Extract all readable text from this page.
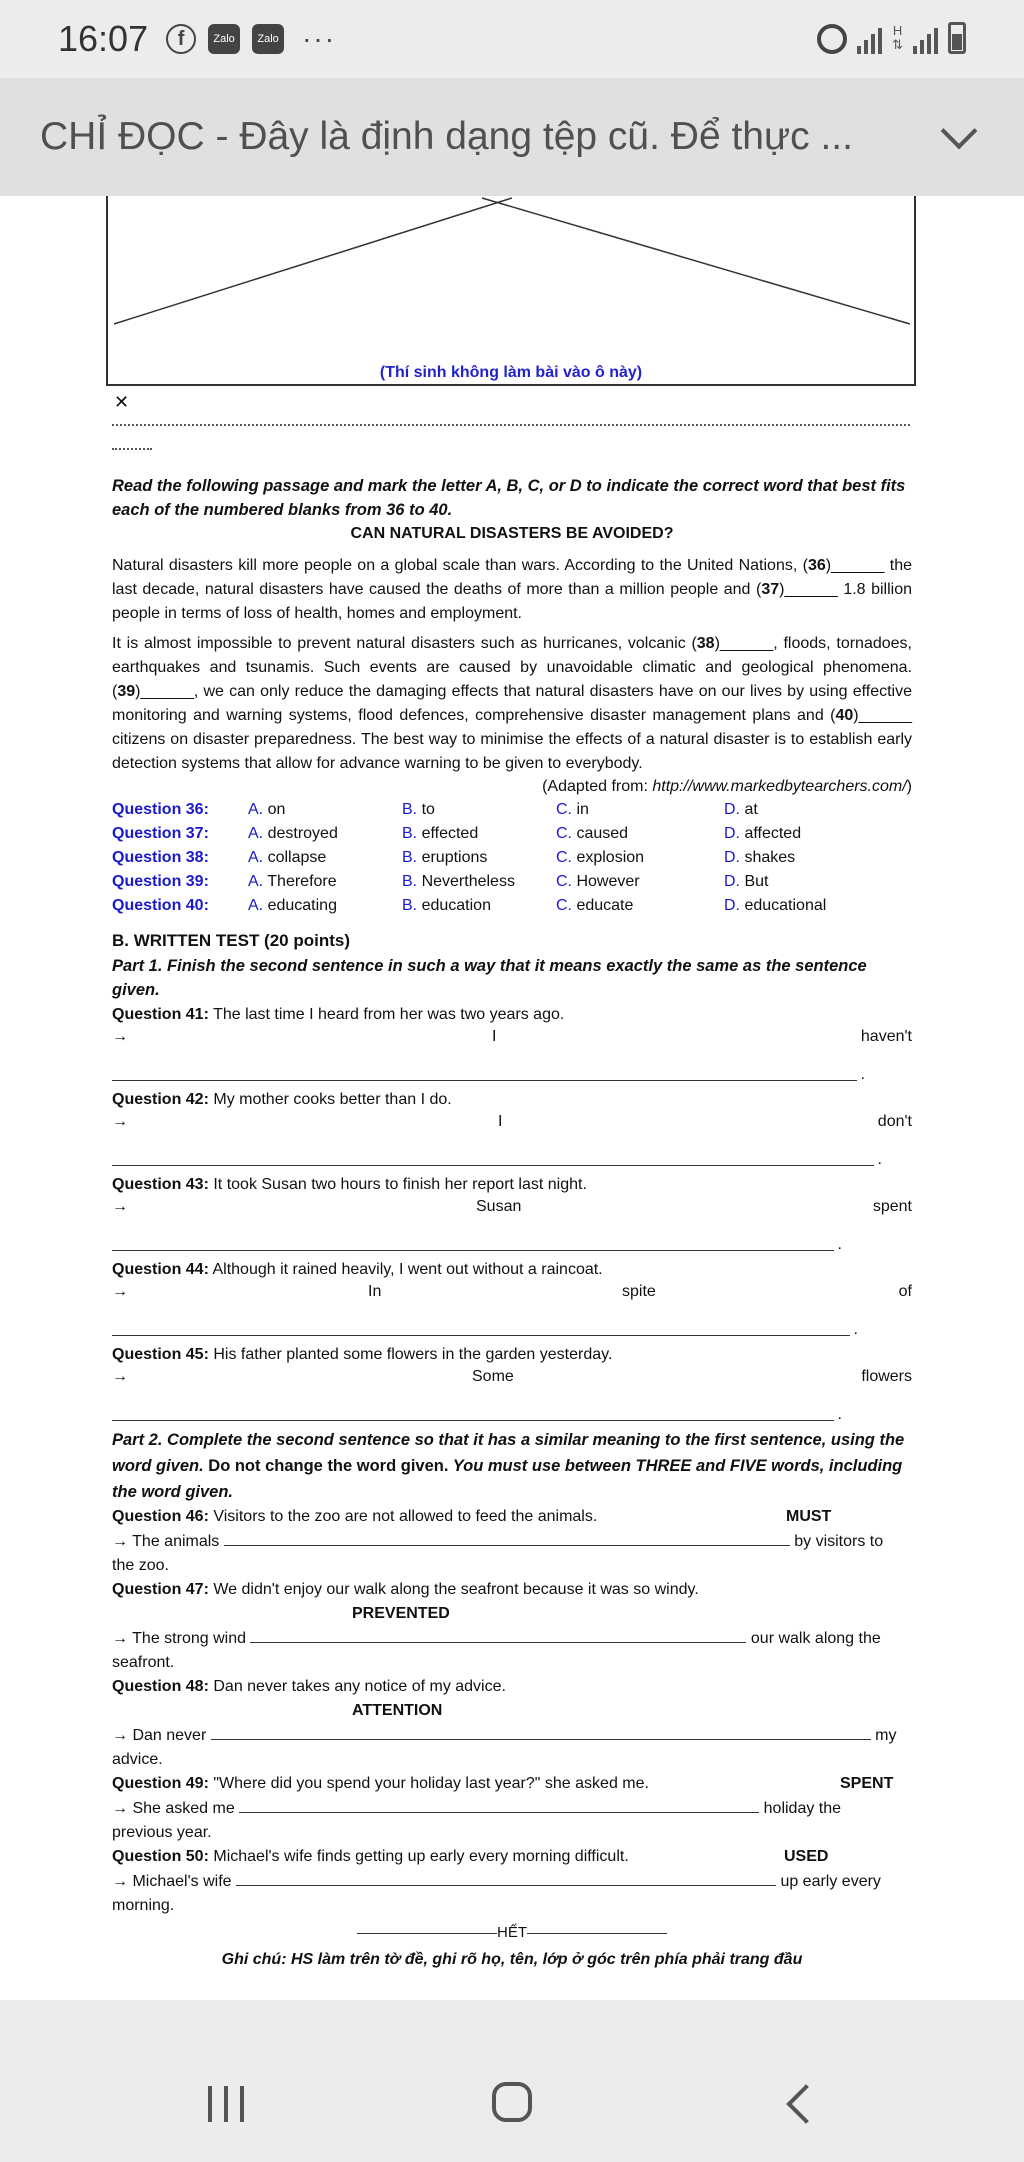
16:07	f	Zalo	Zalo ···	H
⇅
CHỈ ĐỌC - Đây là định dạng tệp cũ. Để thực ...
(Thí sinh không làm bài vào ô này)
✕
Read the following passage and mark the letter A, B, C, or D to indicate the correct word that best fits each of the numbered blanks from 36 to 40.
CAN NATURAL DISASTERS BE AVOIDED?

Natural disasters kill more people on a global scale than wars. According to the United Nations, (36)______ the last decade, natural disasters have caused the deaths of more than a million people and (37)______ 1.8 billion people in terms of loss of health, homes and employment.

It is almost impossible to prevent natural disasters such as hurricanes, volcanic (38)______, floods, tornadoes, earthquakes and tsunamis. Such events are caused by unavoidable climatic and geological phenomena. (39)______, we can only reduce the damaging effects that natural disasters have on our lives by using effective monitoring and warning systems, flood defences, comprehensive disaster management plans and (40)______ citizens on disaster preparedness. The best way to minimise the effects of a natural disaster is to establish early detection systems that allow for advance warning to be given to everybody.

(Adapted from: http://www.markedbytearchers.com/)
Question 36:	A. on	B. to	C. in	D. at
Question 37:	A. destroyed	B. effected	C. caused	D. affected
Question 38:	A. collapse	B. eruptions	C. explosion	D. shakes
Question 39:	A. Therefore	B. Nevertheless	C. However	D. But
Question 40:	A. educating	B. education	C. educate	D. educational
B. WRITTEN TEST (20 points)
Part 1. Finish the second sentence in such a way that it means exactly the same as the sentence given.
Question 41: The last time I heard from her was two years ago.
→	I	haven't
.
Question 42: My mother cooks better than I do.
→	I	don't
.
Question 43: It took Susan two hours to finish her report last night.
→	Susan	spent
.
Question 44: Although it rained heavily, I went out without a raincoat.
→	In	spite	of
.
Question 45: His father planted some flowers in the garden yesterday.
→	Some	flowers
.
Part 2. Complete the second sentence so that it has a similar meaning to the first sentence, using the word given. Do not change the word given. You must use between THREE and FIVE words, including the word given.
Question 46: Visitors to the zoo are not allowed to feed the animals.	MUST
→ The animals	by visitors to
the zoo.
Question 47: We didn't enjoy our walk along the seafront because it was so windy.
PREVENTED
→ The strong wind	our walk along the
seafront.
Question 48: Dan never takes any notice of my advice.
ATTENTION
→ Dan never	my
advice.
Question 49: "Where did you spend your holiday last year?" she asked me.	SPENT
→ She asked me	holiday the
previous year.
Question 50: Michael's wife finds getting up early every morning difficult.	USED
→ Michael's wife	up early every
morning.
HẾT
Ghi chú: HS làm trên tờ đề, ghi rõ họ, tên, lớp ở góc trên phía phải trang đầu
